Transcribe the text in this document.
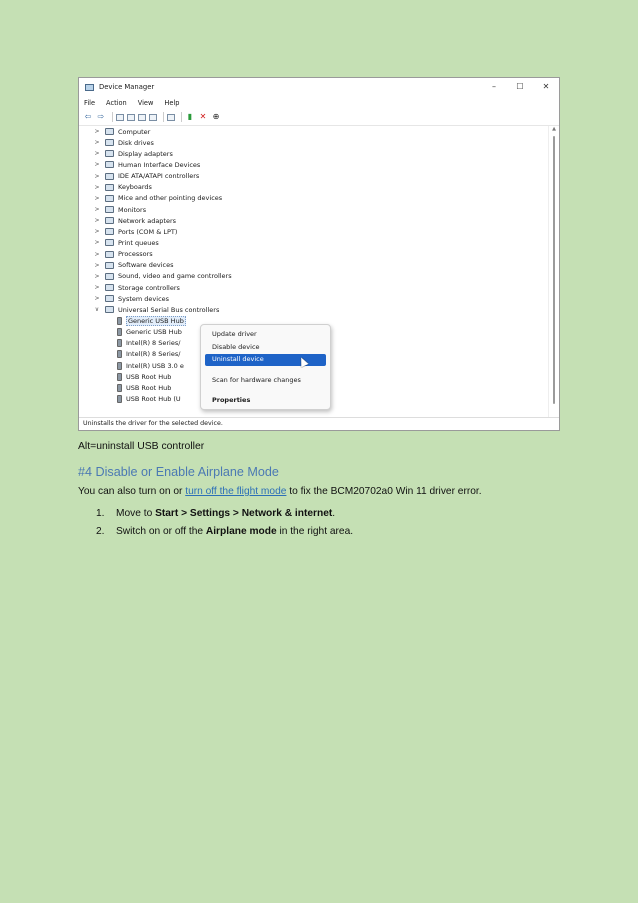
Device Manager	–	☐	✕
File Action View Help
⇦ ⇨	▮ ✕ ⊕
>	Computer
>	Disk drives
>	Display adapters
>	Human Interface Devices
>	IDE ATA/ATAPI controllers
>	Keyboards
>	Mice and other pointing devices
>	Monitors
>	Network adapters
>	Ports (COM & LPT)
>	Print queues
>	Processors
>	Software devices
>	Sound, video and game controllers
>	Storage controllers
>	System devices
∨	Universal Serial Bus controllers
Generic USB Hub
Generic USB Hub
Intel(R) 8 Series/
Intel(R) 8 Series/
Intel(R) USB 3.0 e
USB Root Hub
USB Root Hub
USB Root Hub (U
▲
Update driver
Disable device
Uninstall device
Scan for hardware changes
Properties
Uninstalls the driver for the selected device.
Alt=uninstall USB controller
#4 Disable or Enable Airplane Mode
You can also turn on or turn off the flight mode to fix the BCM20702a0 Win 11 driver error.
1. Move to Start > Settings > Network & internet.
2. Switch on or off the Airplane mode in the right area.
